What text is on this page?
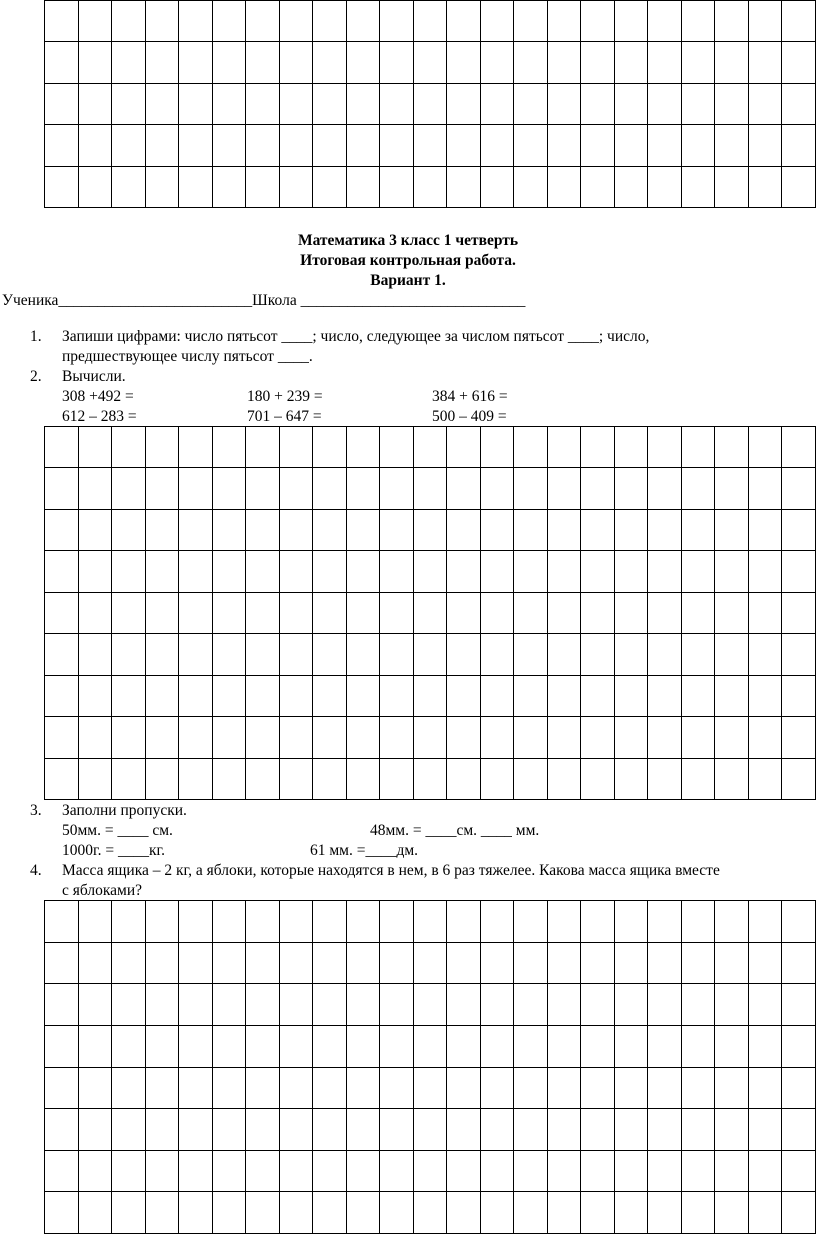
Математика 3 класс 1 четверть
Итоговая контрольная работа.
Вариант 1.
Ученика_________________________Школа _____________________________
1. Запиши цифрами: число пятьсот ____; число, следующее за числом пятьсот ____; число,
предшествующее числу пятьсот ____.
2. Вычисли.
308 +492 =	180 + 239 =	384 + 616 =
612 – 283 =	701 – 647 =	500 – 409 =
3. Заполни пропуски.
50мм. = ____ см.	48мм. = ____см. ____ мм.
1000г. = ____кг.	61 мм. =____дм.
4. Масса ящика – 2 кг, а яблоки, которые находятся в нем, в 6 раз тяжелее. Какова масса ящика вместе
с яблоками?
